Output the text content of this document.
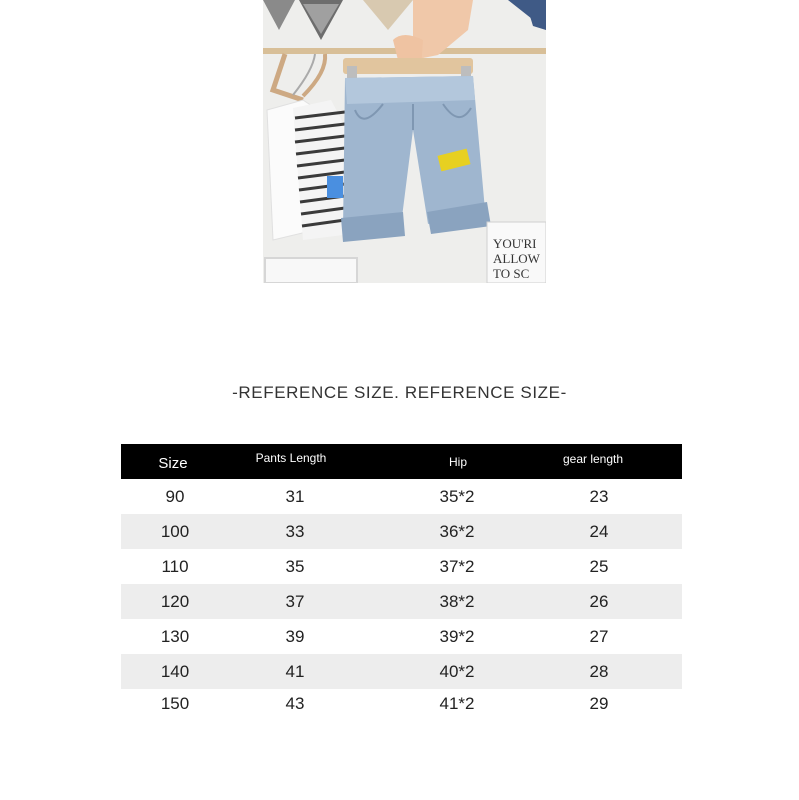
YOU'RI
ALLOW
TO SC
-REFERENCE SIZE. REFERENCE SIZE-
Size	Pants Length	Hip	gear length
90	31	35*2	23
100	33	36*2	24
110	35	37*2	25
120	37	38*2	26
130	39	39*2	27
140	41	40*2	28
150	43	41*2	29
